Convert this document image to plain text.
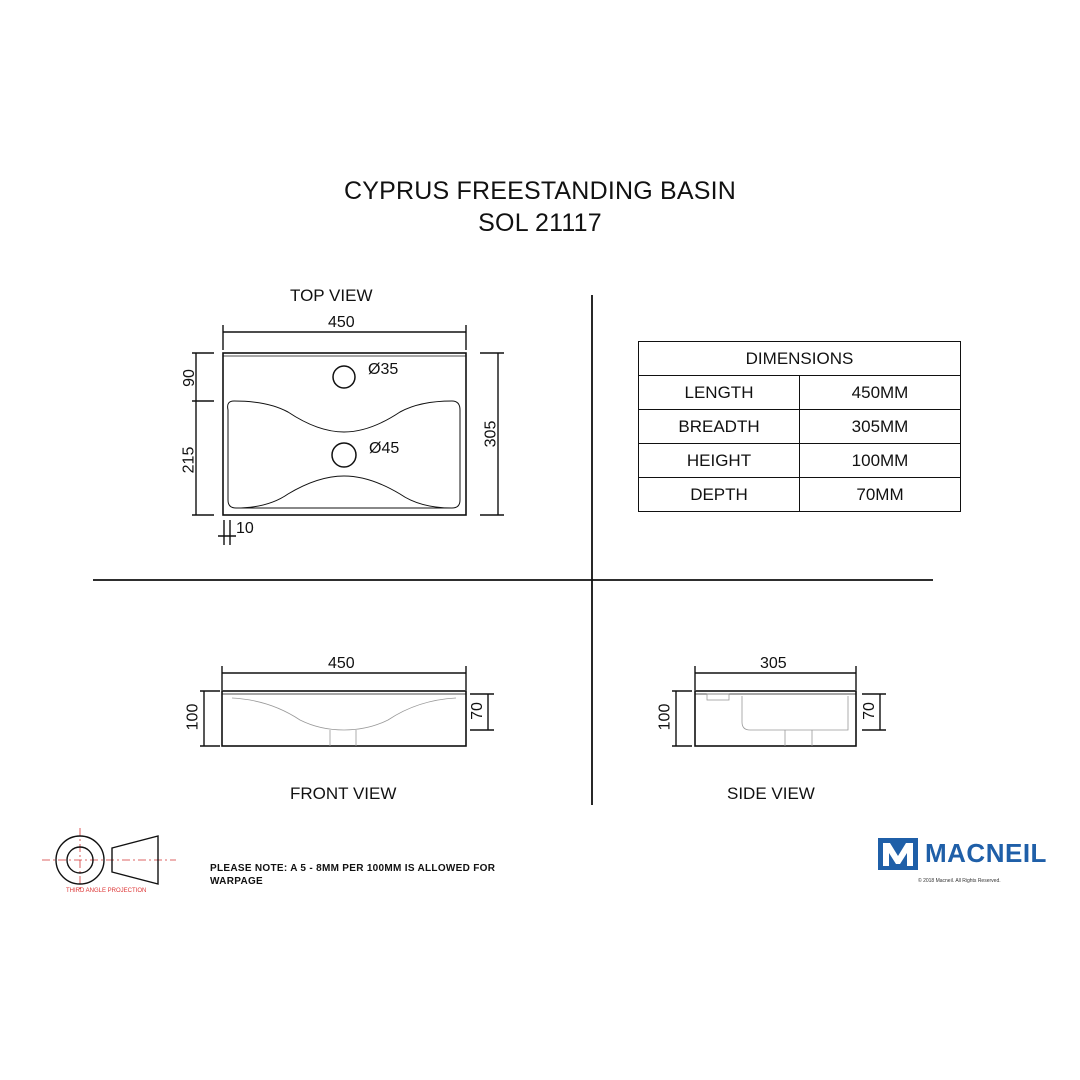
CYPRUS FREESTANDING BASIN
SOL 21117
TOP VIEW
450
305
90
215
10
Ø35
Ø45
DIMENSIONS	
LENGTH	450MM
BREADTH	305MM
HEIGHT	100MM
DEPTH	70MM
450
100	70
FRONT VIEW
305
100	70
SIDE VIEW
THIRD ANGLE PROJECTION
PLEASE NOTE: A 5 - 8MM PER 100MM IS ALLOWED FOR
WARPAGE
MACNEIL
© 2018 Macneil. All Rights Reserved.
